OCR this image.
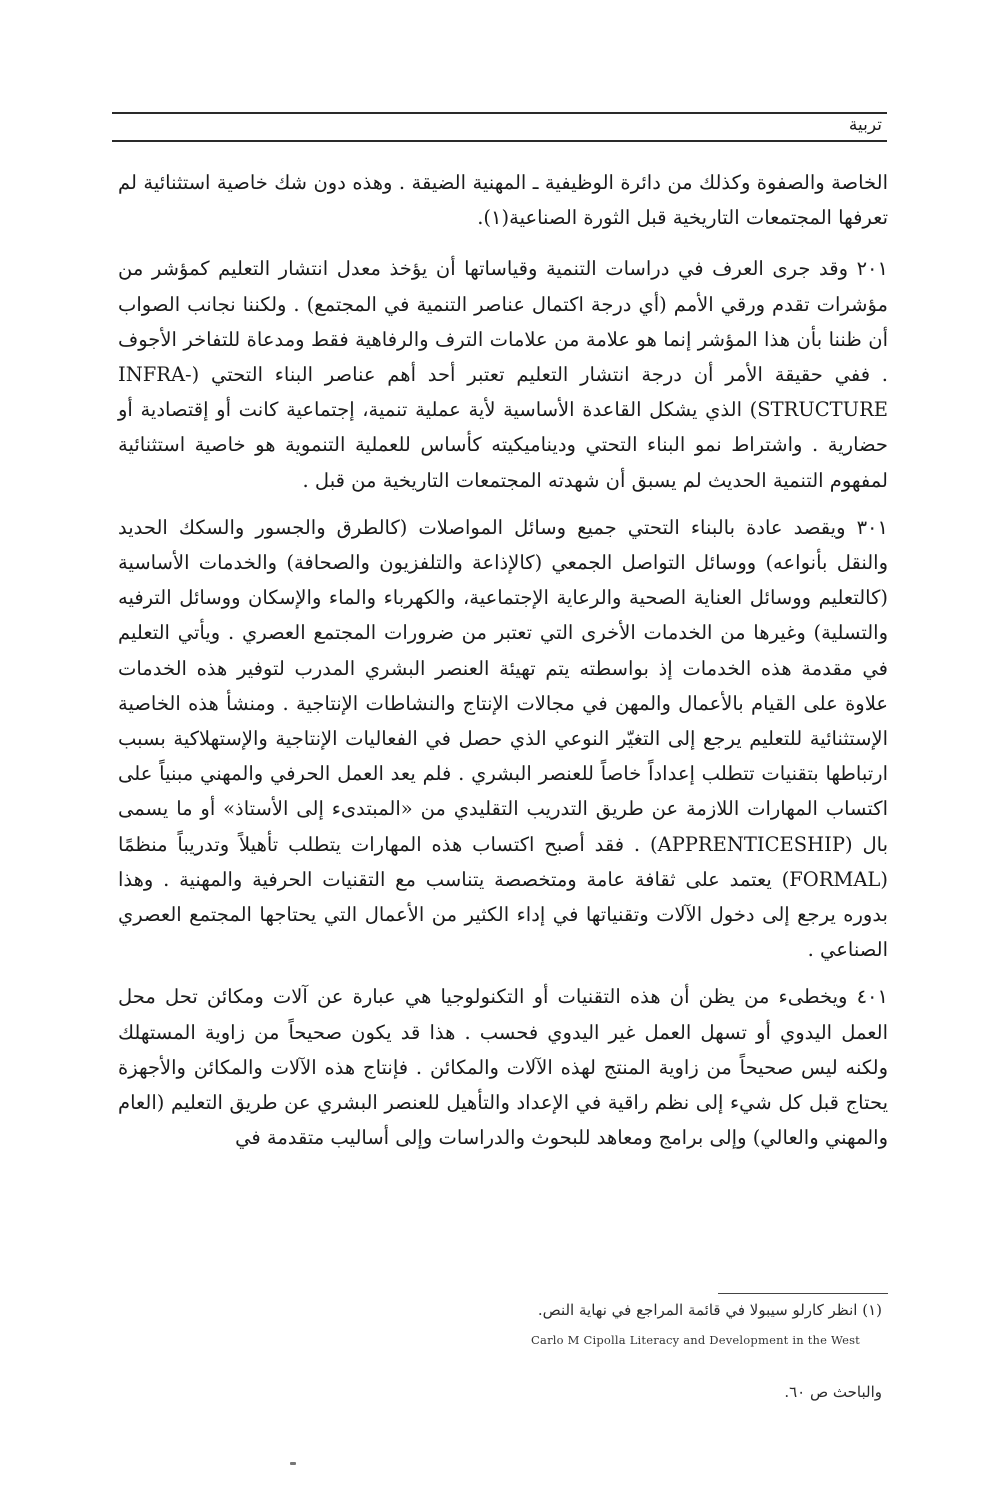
تربية

الخاصة والصفوة وكذلك من دائرة الوظيفية ـ المهنية الضيقة . وهذه دون شك خاصية استثنائية لم تعرفها المجتمعات التاريخية قبل الثورة الصناعية(١).

٢٠١ وقد جرى العرف في دراسات التنمية وقياساتها أن يؤخذ معدل انتشار التعليم كمؤشر من مؤشرات تقدم ورقي الأمم (أي درجة اكتمال عناصر التنمية في المجتمع) . ولكننا نجانب الصواب أن ظننا بأن هذا المؤشر إنما هو علامة من علامات الترف والرفاهية فقط ومدعاة للتفاخر الأجوف . ففي حقيقة الأمر أن درجة انتشار التعليم تعتبر أحد أهم عناصر البناء التحتي (INFRA-STRUCTURE) الذي يشكل القاعدة الأساسية لأية عملية تنمية، إجتماعية كانت أو إقتصادية أو حضارية . واشتراط نمو البناء التحتي وديناميكيته كأساس للعملية التنموية هو خاصية استثنائية لمفهوم التنمية الحديث لم يسبق أن شهدته المجتمعات التاريخية من قبل .

٣٠١ ويقصد عادة بالبناء التحتي جميع وسائل المواصلات (كالطرق والجسور والسكك الحديد والنقل بأنواعه) ووسائل التواصل الجمعي (كالإذاعة والتلفزيون والصحافة) والخدمات الأساسية (كالتعليم ووسائل العناية الصحية والرعاية الإجتماعية، والكهرباء والماء والإسكان ووسائل الترفيه والتسلية) وغيرها من الخدمات الأخرى التي تعتبر من ضرورات المجتمع العصري . ويأتي التعليم في مقدمة هذه الخدمات إذ بواسطته يتم تهيئة العنصر البشري المدرب لتوفير هذه الخدمات علاوة على القيام بالأعمال والمهن في مجالات الإنتاج والنشاطات الإنتاجية . ومنشأ هذه الخاصية الإستثنائية للتعليم يرجع إلى التغيّر النوعي الذي حصل في الفعاليات الإنتاجية والإستهلاكية بسبب ارتباطها بتقنيات تتطلب إعداداً خاصاً للعنصر البشري . فلم يعد العمل الحرفي والمهني مبنياً على اكتساب المهارات اللازمة عن طريق التدريب التقليدي من «المبتدىء إلى الأستاذ» أو ما يسمى بال (APPRENTICESHIP) . فقد أصبح اكتساب هذه المهارات يتطلب تأهيلاً وتدريباً منظمًا (FORMAL) يعتمد على ثقافة عامة ومتخصصة يتناسب مع التقنيات الحرفية والمهنية . وهذا بدوره يرجع إلى دخول الآلات وتقنياتها في إداء الكثير من الأعمال التي يحتاجها المجتمع العصري الصناعي .

٤٠١ ويخطىء من يظن أن هذه التقنيات أو التكنولوجيا هي عبارة عن آلات ومكائن تحل محل العمل اليدوي أو تسهل العمل غير اليدوي فحسب . هذا قد يكون صحيحاً من زاوية المستهلك ولكنه ليس صحيحاً من زاوية المنتج لهذه الآلات والمكائن . فإنتاج هذه الآلات والمكائن والأجهزة يحتاج قبل كل شيء إلى نظم راقية في الإعداد والتأهيل للعنصر البشري عن طريق التعليم (العام والمهني والعالي) وإلى برامج ومعاهد للبحوث والدراسات وإلى أساليب متقدمة في

(١) انظر كارلو سيبولا في قائمة المراجع في نهاية النص.
Carlo M Cipolla Literacy and Development in the West
والباحث ص ٦٠.
